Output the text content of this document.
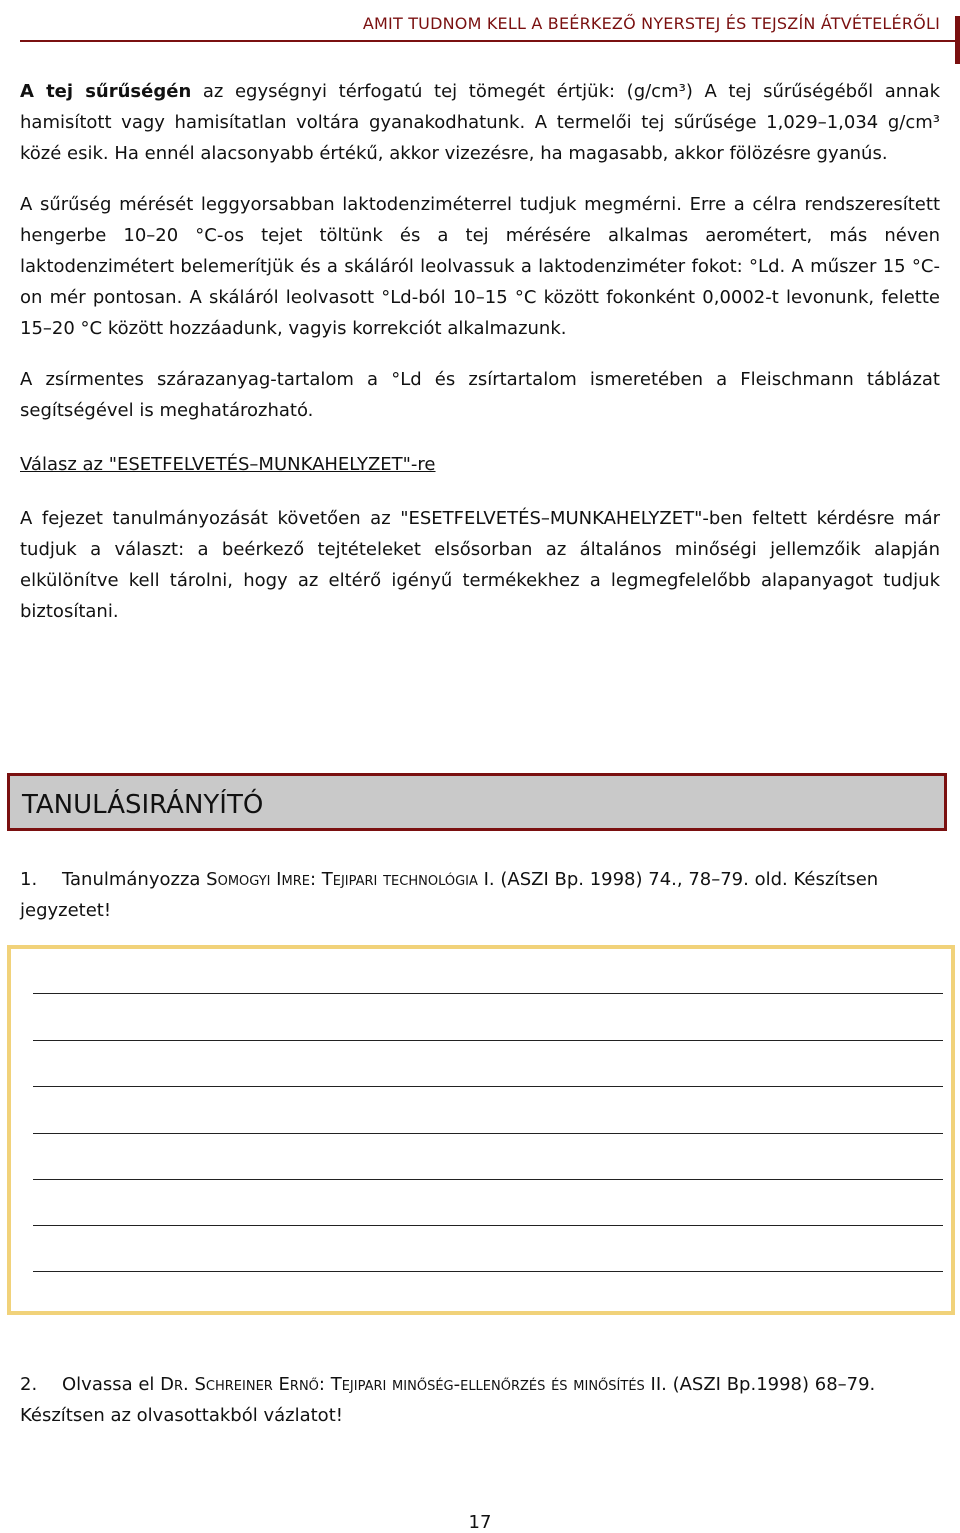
AMIT TUDNOM KELL A BEÉRKEZŐ NYERSTEJ ÉS TEJSZÍN ÁTVÉTELÉRŐLI

A tej sűrűségén az egységnyi térfogatú tej tömegét értjük: (g/cm³) A tej sűrűségéből annak hamisított vagy hamisítatlan voltára gyanakodhatunk. A termelői tej sűrűsége 1,029–1,034 g/cm³ közé esik. Ha ennél alacsonyabb értékű, akkor vizezésre, ha magasabb, akkor fölözésre gyanús.

A sűrűség mérését leggyorsabban laktodenziméterrel tudjuk megmérni. Erre a célra rendszeresített hengerbe 10–20 °C-os tejet töltünk és a tej mérésére alkalmas aerométert, más néven laktodenzimétert belemerítjük és a skáláról leolvassuk a laktodenziméter fokot: °Ld. A műszer 15 °C-on mér pontosan. A skáláról leolvasott °Ld-ból 10–15 °C között fokonként 0,0002-t levonunk, felette 15–20 °C között hozzáadunk, vagyis korrekciót alkalmazunk.

A zsírmentes szárazanyag-tartalom a °Ld és zsírtartalom ismeretében a Fleischmann táblázat segítségével is meghatározható.

Válasz az "ESETFELVETÉS–MUNKAHELYZET"-re

A fejezet tanulmányozását követően az "ESETFELVETÉS–MUNKAHELYZET"-ben feltett kérdésre már tudjuk a választ: a beérkező tejtételeket elsősorban az általános minőségi jellemzőik alapján elkülönítve kell tárolni, hogy az eltérő igényű termékekhez a legmegfelelőbb alapanyagot tudjuk biztosítani.

TANULÁSIRÁNYÍTÓ
1. Tanulmányozza Somogyi Imre: Tejipari technológia I. (ASZI Bp. 1998) 74., 78–79. old. Készítsen jegyzetet!
2. Olvassa el Dr. Schreiner Ernő: Tejipari minőség-ellenőrzés és minősítés II. (ASZI Bp.1998) 68–79. Készítsen az olvasottakból vázlatot!
17
